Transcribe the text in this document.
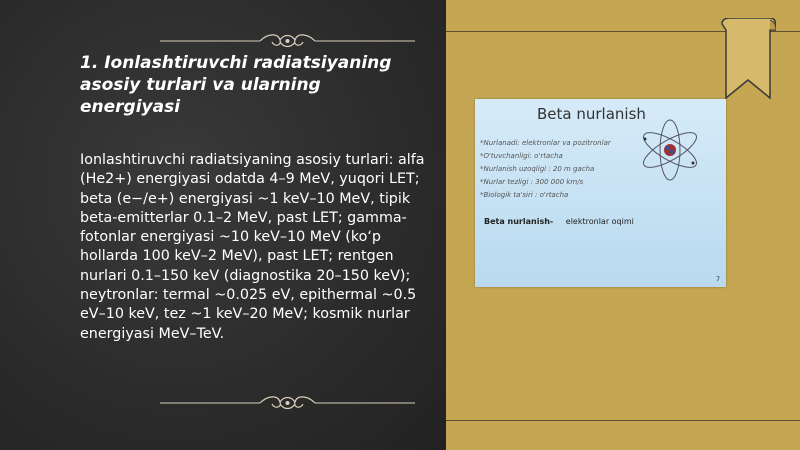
1. Ionlashtiruvchi radiatsiyaning asosiy turlari va ularning energiyasi
Ionlashtiruvchi radiatsiyaning asosiy turlari: alfa (He2+) energiyasi odatda 4–9 MeV, yuqori LET; beta (e−/e+) energiyasi ~1 keV–10 MeV, tipik beta-emitterlar 0.1–2 MeV, past LET; gamma-fotonlar energiyasi ~10 keV–10 MeV (ko‘p hollarda 100 keV–2 MeV), past LET; rentgen nurlari 0.1–150 keV (diagnostika 20–150 keV); neytronlar: termal ~0.025 eV, epithermal ~0.5 eV–10 keV, tez ~1 keV–20 MeV; kosmik nurlar energiyasi MeV–TeV.
Beta nurlanish
*Nurlanadi: elektronlar va pozitronlar
*O'tuvchanligi: o'rtacha
*Nurlanish uzoqligi : 20 m gacha
*Nurlar tezligi : 300 000 km/s
*Biologik ta'siri : o'rtacha
Beta nurlanish- elektronlar oqimi
7
